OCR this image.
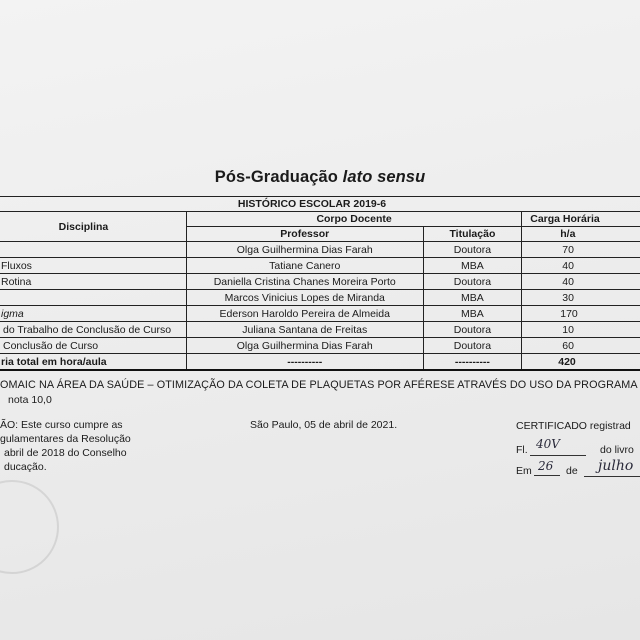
Pós-Graduação lato sensu
HISTÓRICO ESCOLAR 2019-6			
Disciplina	Corpo Docente		Carga Horária
	Professor	Titulação	h/a
	Olga Guilhermina Dias Farah	Doutora	70
Fluxos	Tatiane Canero	MBA	40
Rotina	Daniella Cristina Chanes Moreira Porto	Doutora	40
	Marcos Vinicius Lopes de Miranda	MBA	30
igma	Ederson Haroldo Pereira de Almeida	MBA	170
do Trabalho de Conclusão de Curso	Juliana Santana de Freitas	Doutora	10
Conclusão de Curso	Olga Guilhermina Dias Farah	Doutora	60
ria total em hora/aula	----------	----------	420
OMAIC NA ÁREA DA SAÚDE – OTIMIZAÇÃO DA COLETA DE PLAQUETAS POR AFÉRESE ATRAVÉS DO USO DA PROGRAMA
nota 10,0
ÃO: Este curso cumpre as
gulamentares da Resolução
abril de 2018 do Conselho
ducação.
São Paulo, 05 de abril de 2021.	CERTIFICADO registrad
Fl. 40V	do livro
Em 26 de julho
